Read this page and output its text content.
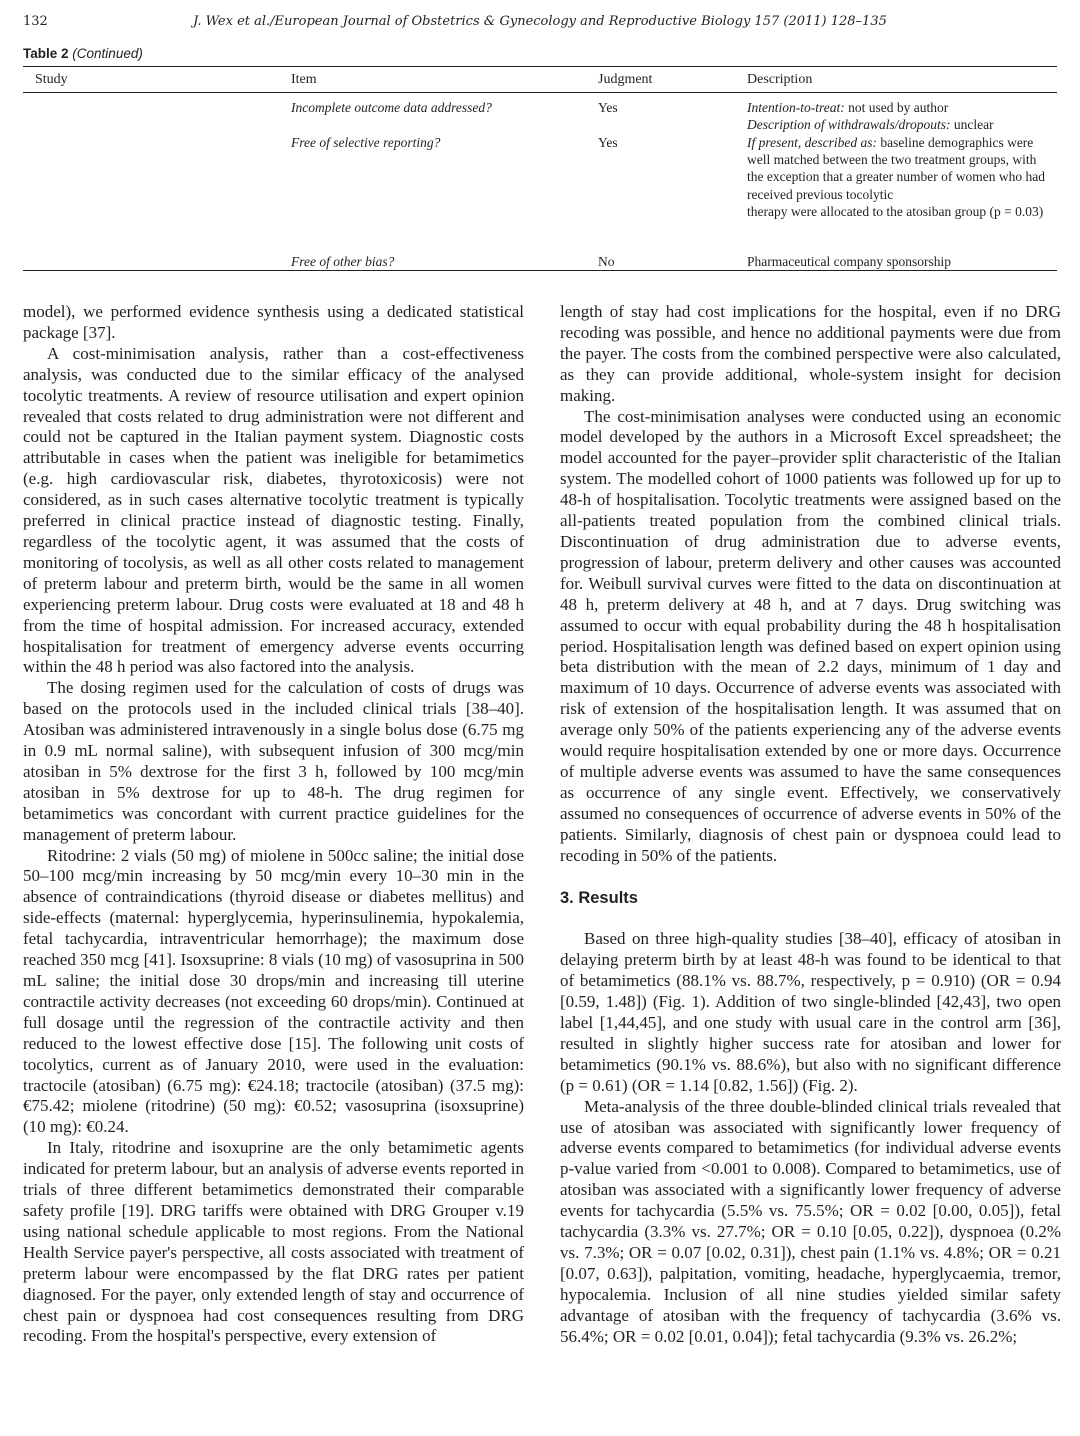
132	J. Wex et al./European Journal of Obstetrics & Gynecology and Reproductive Biology 157 (2011) 128–135
Table 2 (Continued)
Study	Item	Judgment	Description
Incomplete outcome data addressed?	Yes	Intention-to-treat: not used by author
Description of withdrawals/dropouts: unclear
Free of selective reporting?	Yes	If present, described as: baseline demographics were well matched between the two treatment groups, with the exception that a greater number of women who had received previous tocolytic
therapy were allocated to the atosiban group (p = 0.03)
Free of other bias?	No	Pharmaceutical company sponsorship

model), we performed evidence synthesis using a dedicated statistical package [37].

A cost-minimisation analysis, rather than a cost-effectiveness analysis, was conducted due to the similar efficacy of the analysed tocolytic treatments. A review of resource utilisation and expert opinion revealed that costs related to drug administration were not different and could not be captured in the Italian payment system. Diagnostic costs attributable in cases when the patient was ineligible for betamimetics (e.g. high cardiovascular risk, diabetes, thyrotoxicosis) were not considered, as in such cases alternative tocolytic treatment is typically preferred in clinical practice instead of diagnostic testing. Finally, regardless of the tocolytic agent, it was assumed that the costs of monitoring of tocolysis, as well as all other costs related to management of preterm labour and preterm birth, would be the same in all women experiencing preterm labour. Drug costs were evaluated at 18 and 48 h from the time of hospital admission. For increased accuracy, extended hospitalisation for treatment of emergency adverse events occurring within the 48 h period was also factored into the analysis.

The dosing regimen used for the calculation of costs of drugs was based on the protocols used in the included clinical trials [38–40]. Atosiban was administered intravenously in a single bolus dose (6.75 mg in 0.9 mL normal saline), with subsequent infusion of 300 mcg/min atosiban in 5% dextrose for the first 3 h, followed by 100 mcg/min atosiban in 5% dextrose for up to 48-h. The drug regimen for betamimetics was concordant with current practice guidelines for the management of preterm labour.

Ritodrine: 2 vials (50 mg) of miolene in 500cc saline; the initial dose 50–100 mcg/min increasing by 50 mcg/min every 10–30 min in the absence of contraindications (thyroid disease or diabetes mellitus) and side-effects (maternal: hyperglycemia, hyperinsulinemia, hypokalemia, fetal tachycardia, intraventricular hemorrhage); the maximum dose reached 350 mcg [41]. Isoxsuprine: 8 vials (10 mg) of vasosuprina in 500 mL saline; the initial dose 30 drops/min and increasing till uterine contractile activity decreases (not exceeding 60 drops/min). Continued at full dosage until the regression of the contractile activity and then reduced to the lowest effective dose [15]. The following unit costs of tocolytics, current as of January 2010, were used in the evaluation: tractocile (atosiban) (6.75 mg): €24.18; tractocile (atosiban) (37.5 mg): €75.42; miolene (ritodrine) (50 mg): €0.52; vasosuprina (isoxsuprine) (10 mg): €0.24.

In Italy, ritodrine and isoxuprine are the only betamimetic agents indicated for preterm labour, but an analysis of adverse events reported in trials of three different betamimetics demonstrated their comparable safety profile [19]. DRG tariffs were obtained with DRG Grouper v.19 using national schedule applicable to most regions. From the National Health Service payer's perspective, all costs associated with treatment of preterm labour were encompassed by the flat DRG rates per patient diagnosed. For the payer, only extended length of stay and occurrence of chest pain or dyspnoea had cost consequences resulting from DRG recoding. From the hospital's perspective, every extension of

length of stay had cost implications for the hospital, even if no DRG recoding was possible, and hence no additional payments were due from the payer. The costs from the combined perspective were also calculated, as they can provide additional, whole-system insight for decision making.

The cost-minimisation analyses were conducted using an economic model developed by the authors in a Microsoft Excel spreadsheet; the model accounted for the payer–provider split characteristic of the Italian system. The modelled cohort of 1000 patients was followed up for up to 48-h of hospitalisation. Tocolytic treatments were assigned based on the all-patients treated population from the combined clinical trials. Discontinuation of drug administration due to adverse events, progression of labour, preterm delivery and other causes was accounted for. Weibull survival curves were fitted to the data on discontinuation at 48 h, preterm delivery at 48 h, and at 7 days. Drug switching was assumed to occur with equal probability during the 48 h hospitalisation period. Hospitalisation length was defined based on expert opinion using beta distribution with the mean of 2.2 days, minimum of 1 day and maximum of 10 days. Occurrence of adverse events was associated with risk of extension of the hospitalisation length. It was assumed that on average only 50% of the patients experiencing any of the adverse events would require hospitalisation extended by one or more days. Occurrence of multiple adverse events was assumed to have the same consequences as occurrence of any single event. Effectively, we conservatively assumed no consequences of occurrence of adverse events in 50% of the patients. Similarly, diagnosis of chest pain or dyspnoea could lead to recoding in 50% of the patients.

3. Results

Based on three high-quality studies [38–40], efficacy of atosiban in delaying preterm birth by at least 48-h was found to be identical to that of betamimetics (88.1% vs. 88.7%, respectively, p = 0.910) (OR = 0.94 [0.59, 1.48]) (Fig. 1). Addition of two single-blinded [42,43], two open label [1,44,45], and one study with usual care in the control arm [36], resulted in slightly higher success rate for atosiban and lower for betamimetics (90.1% vs. 88.6%), but also with no significant difference (p = 0.61) (OR = 1.14 [0.82, 1.56]) (Fig. 2).

Meta-analysis of the three double-blinded clinical trials revealed that use of atosiban was associated with significantly lower frequency of adverse events compared to betamimetics (for individual adverse events p-value varied from <0.001 to 0.008). Compared to betamimetics, use of atosiban was associated with a significantly lower frequency of adverse events for tachycardia (5.5% vs. 75.5%; OR = 0.02 [0.00, 0.05]), fetal tachycardia (3.3% vs. 27.7%; OR = 0.10 [0.05, 0.22]), dyspnoea (0.2% vs. 7.3%; OR = 0.07 [0.02, 0.31]), chest pain (1.1% vs. 4.8%; OR = 0.21 [0.07, 0.63]), palpitation, vomiting, headache, hyperglycaemia, tremor, hypocalemia. Inclusion of all nine studies yielded similar safety advantage of atosiban with the frequency of tachycardia (3.6% vs. 56.4%; OR = 0.02 [0.01, 0.04]); fetal tachycardia (9.3% vs. 26.2%;
